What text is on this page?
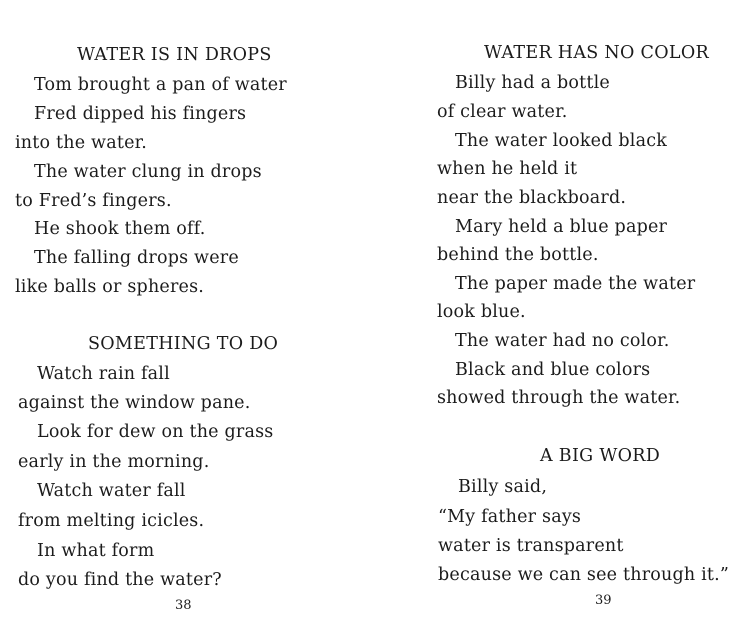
WATER IS IN DROPS
Tom brought a pan of water
Fred dipped his fingers
into the water.
The water clung in drops
to Fred’s fingers.
He shook them off.
The falling drops were
like balls or spheres.
SOMETHING TO DO
Watch rain fall
against the window pane.
Look for dew on the grass
early in the morning.
Watch water fall
from melting icicles.
In what form
do you find the water?
38
WATER HAS NO COLOR
Billy had a bottle
of clear water.
The water looked black
when he held it
near the blackboard.
Mary held a blue paper
behind the bottle.
The paper made the water
look blue.
The water had no color.
Black and blue colors
showed through the water.
A BIG WORD
Billy said,
“My father says
water is transparent
because we can see through it.”
39
